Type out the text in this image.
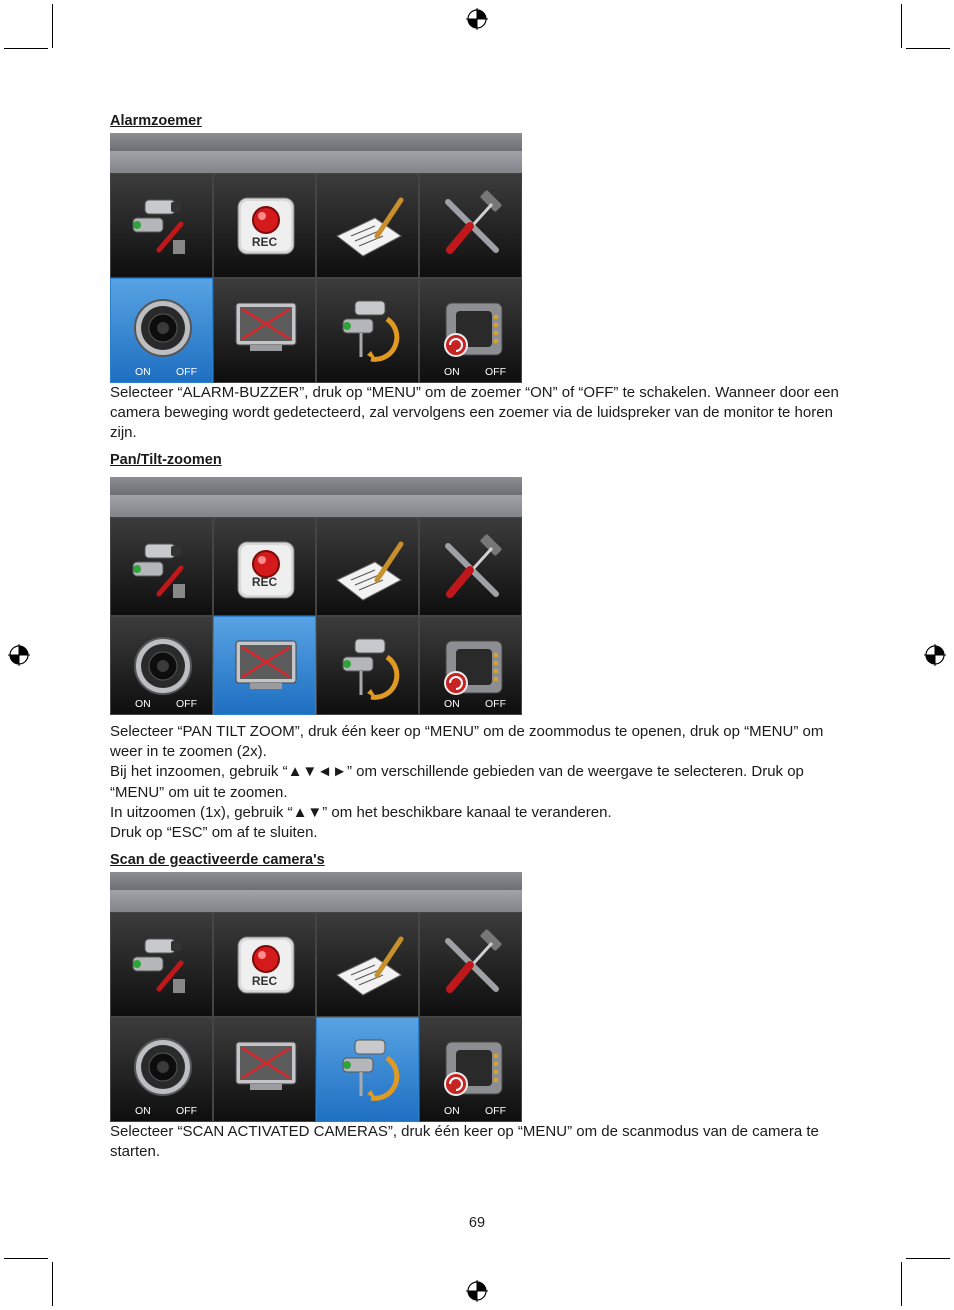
Alarmzoemer
REC
ON OFF	ON OFF

Selecteer “ALARM-BUZZER”, druk op “MENU” om de zoemer “ON” of “OFF” te schakelen. Wanneer door een camera beweging wordt gedetecteerd, zal vervolgens een zoemer via de luidspreker van de monitor te horen zijn.

Pan/Tilt-zoomen
REC
ON OFF	ON OFF

Selecteer “PAN TILT ZOOM”, druk één keer op “MENU” om de zoommodus te openen, druk op “MENU” om weer in te zoomen (2x).

Bij het inzoomen, gebruik “▲▼◄►” om verschillende gebieden van de weergave te selecteren. Druk op “MENU” om uit te zoomen.

In uitzoomen (1x), gebruik “▲▼” om het beschikbare kanaal te veranderen.

Druk op “ESC” om af te sluiten.

Scan de geactiveerde camera's
REC
ON OFF	ON OFF

Selecteer “SCAN ACTIVATED CAMERAS”, druk één keer op “MENU” om de scanmodus van de camera te starten.

69
